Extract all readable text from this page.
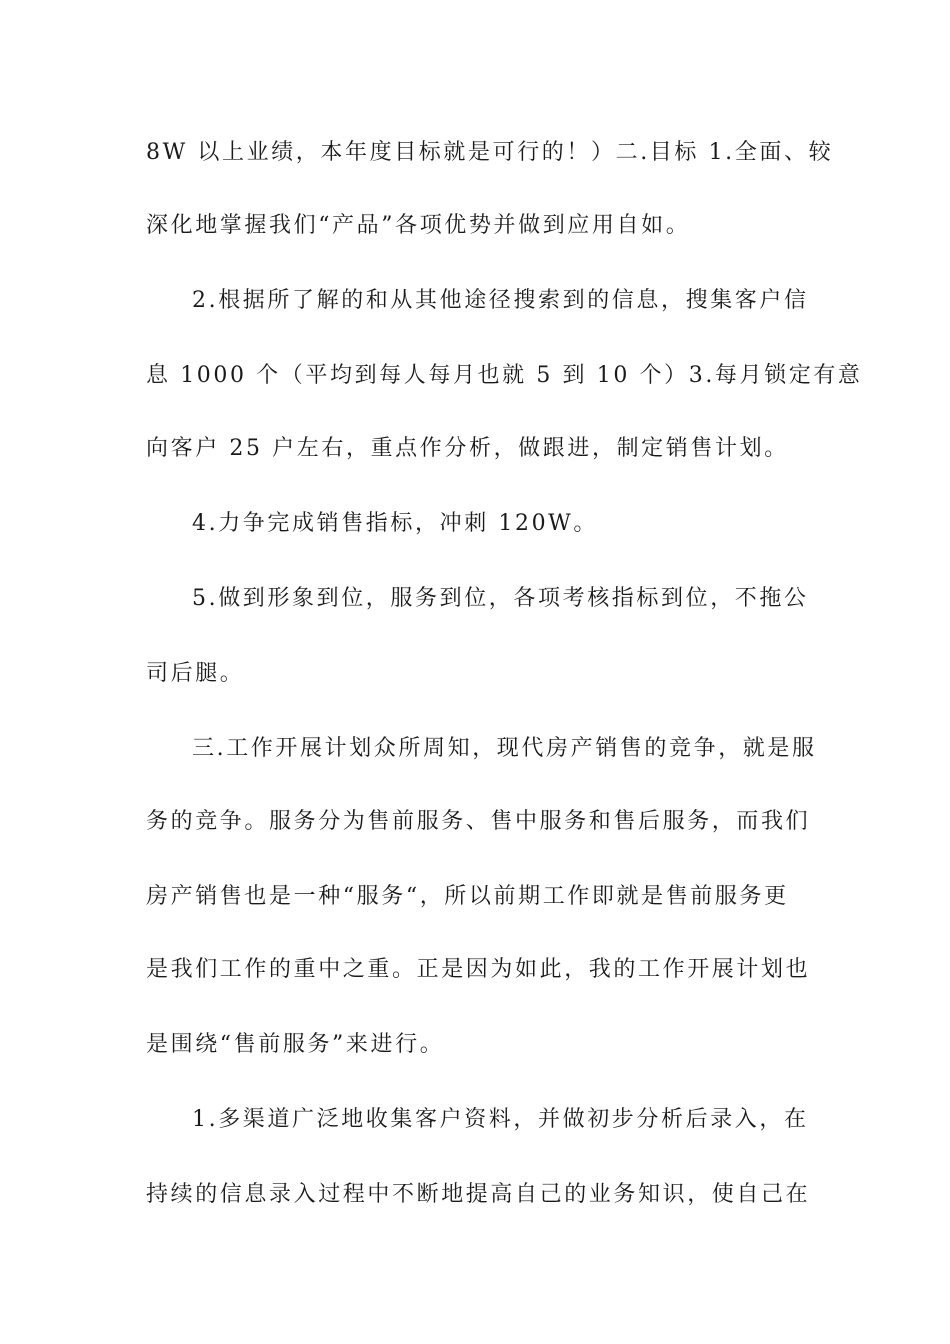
8W 以上业绩，本年度目标就是可行的！）二.目标 1.全面、较
深化地掌握我们“产品”各项优势并做到应用自如。
2.根据所了解的和从其他途径搜索到的信息，搜集客户信
息 1000 个（平均到每人每月也就 5 到 10 个）3.每月锁定有意
向客户 25 户左右，重点作分析，做跟进，制定销售计划。
4.力争完成销售指标，冲刺 120W。
5.做到形象到位，服务到位，各项考核指标到位，不拖公
司后腿。
三.工作开展计划众所周知，现代房产销售的竞争，就是服
务的竞争。服务分为售前服务、售中服务和售后服务，而我们
房产销售也是一种“服务“，所以前期工作即就是售前服务更
是我们工作的重中之重。正是因为如此，我的工作开展计划也
是围绕“售前服务”来进行。
1.多渠道广泛地收集客户资料，并做初步分析后录入，在
持续的信息录入过程中不断地提高自己的业务知识，使自己在
